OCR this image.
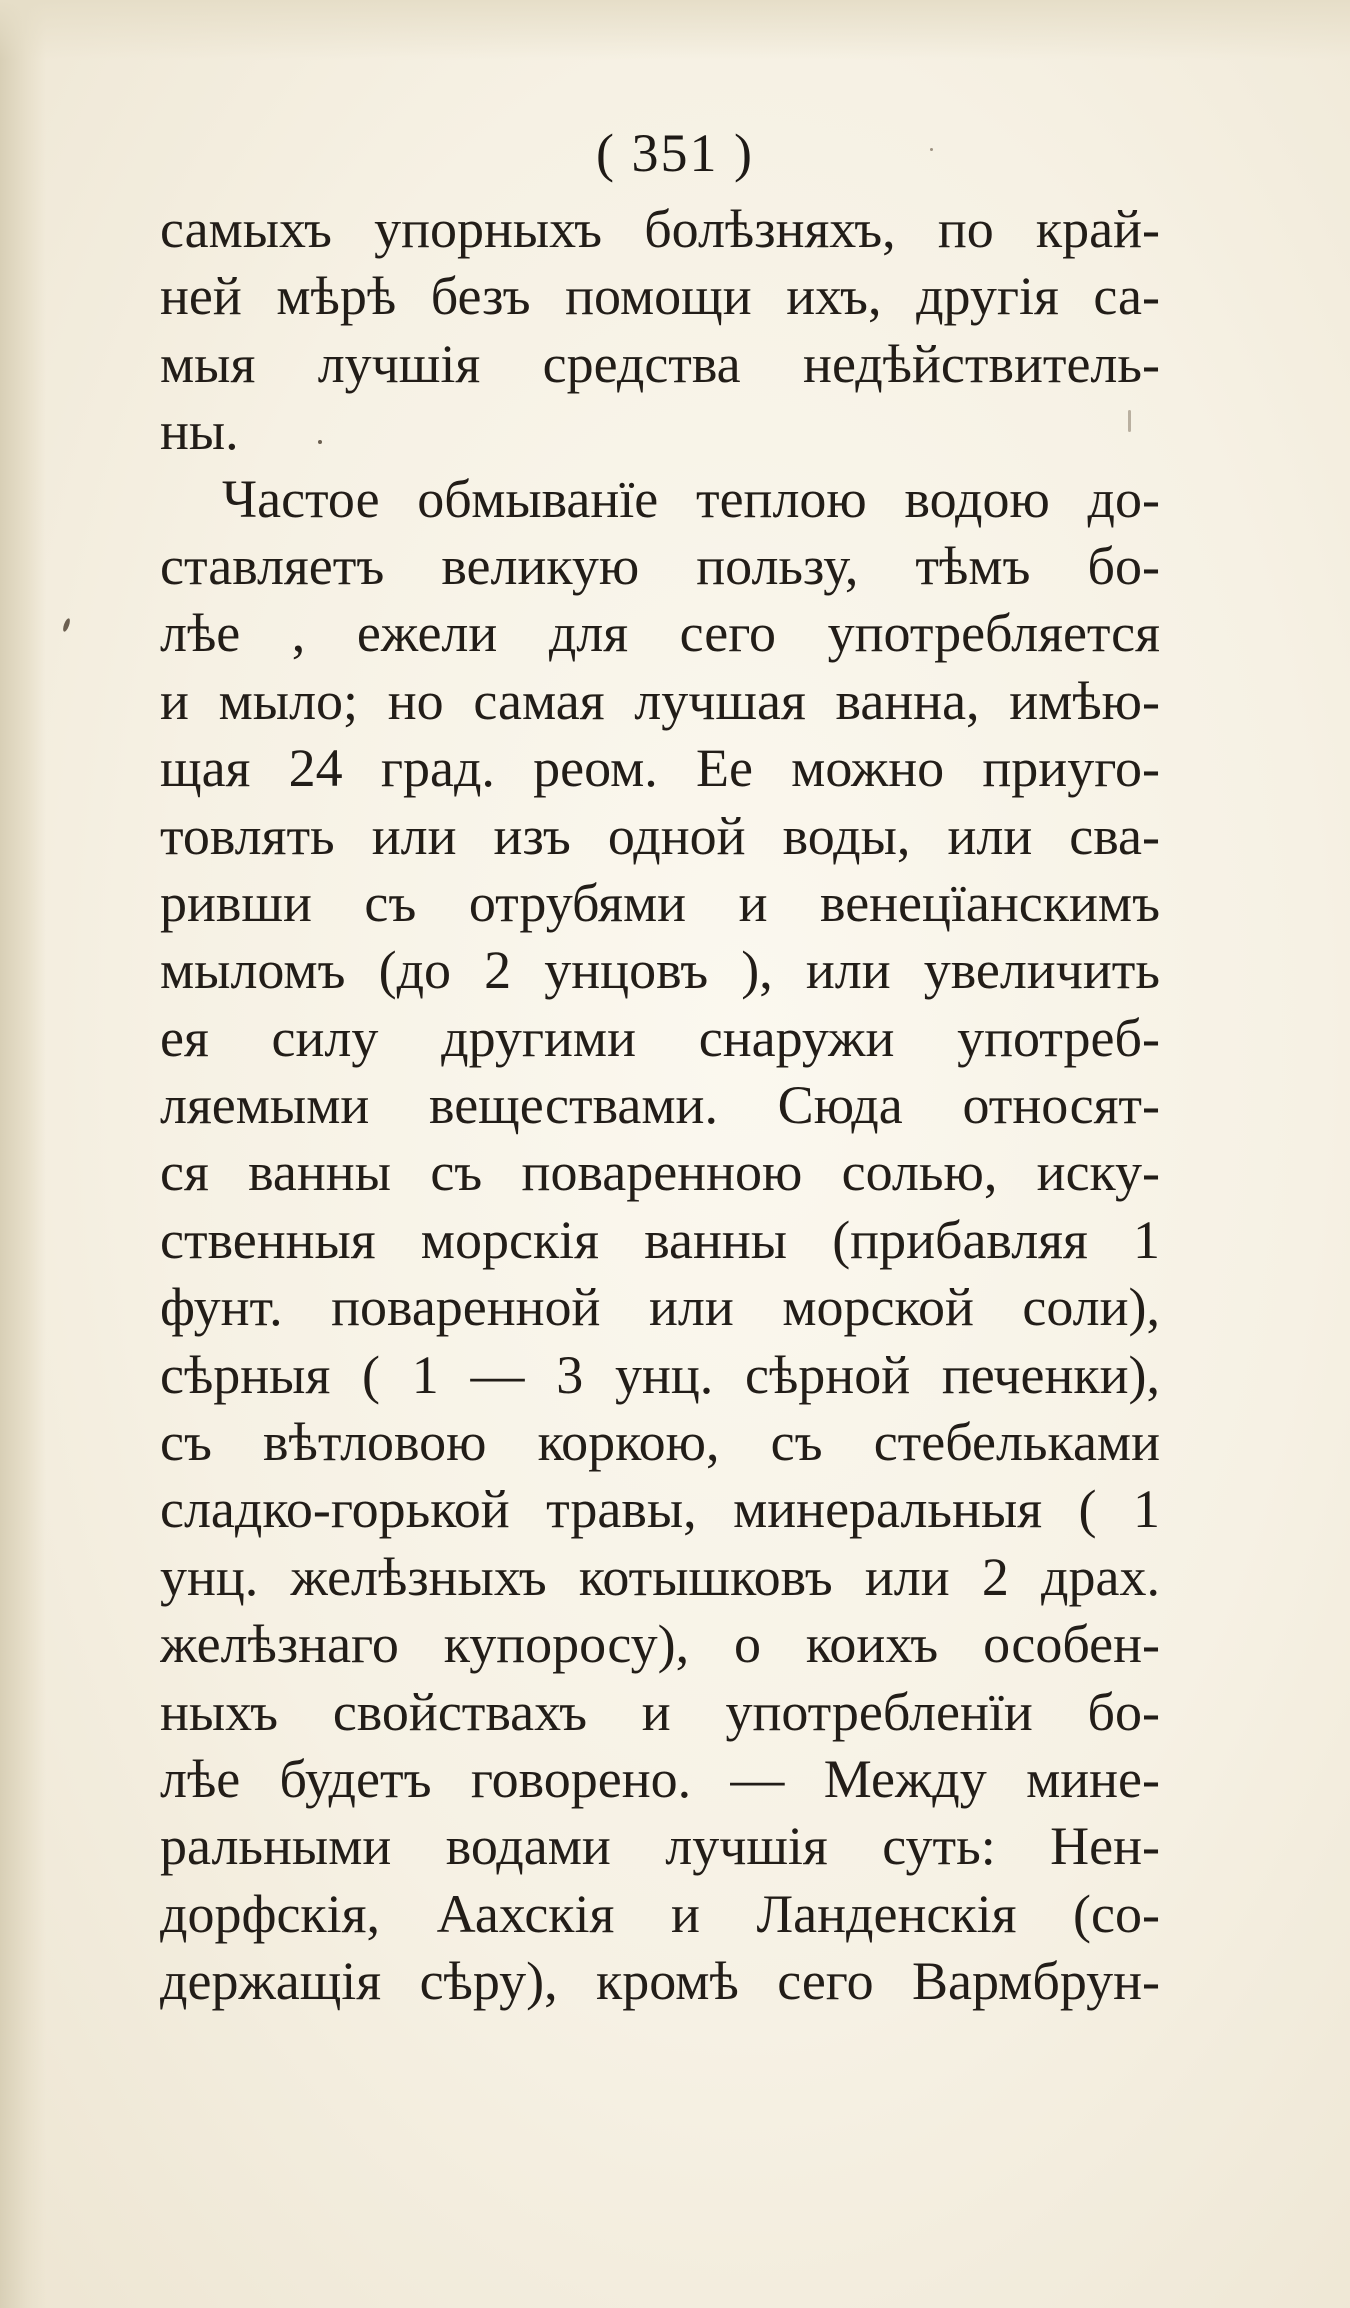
( 351 )
самыхъ упорныхъ болѣзняхъ, по край-
ней мѣрѣ безъ помощи ихъ, другія са-
мыя лучшія средства недѣйствитель-
ны.
Частое обмыванїе теплою водою до-
ставляетъ великую пользу, тѣмъ бо-
лѣе , ежели для сего употребляется
и мыло; но самая лучшая ванна, имѣю-
щая 24 град. реом. Ее можно приуго-
товлять или изъ одной воды, или сва-
ривши съ отрубями и венецїанскимъ
мыломъ (до 2 унцовъ ), или увеличить
ея силу другими снаружи употреб-
ляемыми веществами. Сюда относят-
ся ванны съ поваренною солью, иску-
ственныя морскія ванны (прибавляя 1
фунт. поваренной или морской соли),
сѣрныя ( 1 — 3 унц. сѣрной печенки),
съ вѣтловою коркою, съ стебельками
сладко-горькой травы, минеральныя ( 1
унц. желѣзныхъ котышковъ или 2 драх.
желѣзнаго купоросу), о коихъ особен-
ныхъ свойствахъ и употребленїи бо-
лѣе будетъ говорено. — Между мине-
ральными водами лучшія суть: Нен-
дорфскія, Аахскія и Ланденскія (со-
держащія сѣру), кромѣ сего Вармбрун-
